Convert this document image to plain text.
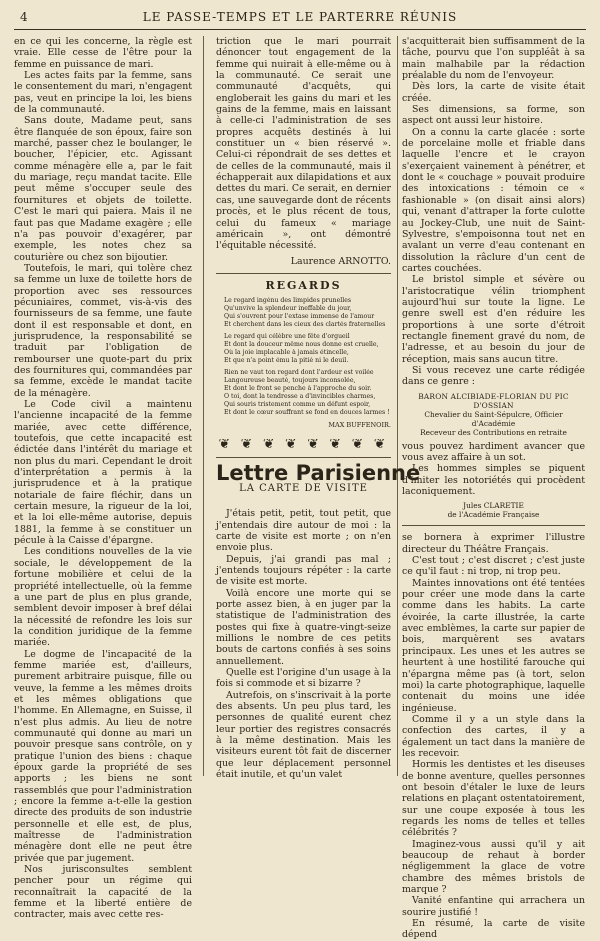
4	LE PASSE-TEMPS ET LE PARTERRE RÉUNIS

en ce qui les concerne, la règle est vraie. Elle cesse de l'être pour la femme en puissance de mari.

Les actes faits par la femme, sans le consentement du mari, n'engagent pas, veut en principe la loi, les biens de la communauté.

Sans doute, Madame peut, sans être flanquée de son époux, faire son marché, passer chez le boulanger, le boucher, l'épicier, etc. Agissant comme ménagère elle a, par le fait du mariage, reçu mandat tacite. Elle peut même s'occuper seule des fournitures et objets de toilette. C'est le mari qui paiera. Mais il ne faut pas que Madame exagère ; elle n'a pas pouvoir d'exagérer, par exemple, les notes chez sa couturière ou chez son bijoutier.

Toutefois, le mari, qui tolère chez sa femme un luxe de toilette hors de proportion avec ses ressources pécuniaires, commet, vis-à-vis des fournisseurs de sa femme, une faute dont il est responsable et dont, en jurisprudence, la responsabilité se traduit par l'obligation de rembourser une quote-part du prix des fournitures qui, commandées par sa femme, excède le mandat tacite de la ménagère.

Le Code civil a maintenu l'ancienne incapacité de la femme mariée, avec cette différence, toutefois, que cette incapacité est édictée dans l'intérêt du mariage et non plus du mari. Cependant le droit d'interprétation a permis à la jurisprudence et à la pratique notariale de faire fléchir, dans un certain mesure, la rigueur de la loi, et la loi elle-même autorise, depuis 1881, la femme à se constituer un pécule à la Caisse d'épargne.

Les conditions nouvelles de la vie sociale, le développement de la fortune mobilière et celui de la propriété intellectuelle, où la femme a une part de plus en plus grande, semblent devoir imposer à bref délai la nécessité de refondre les lois sur la condition juridique de la femme mariée.

Le dogme de l'incapacité de la femme mariée est, d'ailleurs, purement arbitraire puisque, fille ou veuve, la femme a les mêmes droits et les mêmes obligations que l'homme. En Allemagne, en Suisse, il n'est plus admis. Au lieu de notre communauté qui donne au mari un pouvoir presque sans contrôle, on y pratique l'union des biens : chaque époux garde la propriété de ses apports ; les biens ne sont rassemblés que pour l'administration ; encore la femme a-t-elle la gestion directe des produits de son industrie personnelle et elle est, de plus, maîtresse de l'administration ménagère dont elle ne peut être privée que par jugement.

Nos jurisconsultes semblent pencher pour un régime qui reconnaîtrait la capacité de la femme et la liberté entière de contracter, mais avec cette res-

triction que le mari pourrait dénoncer tout engagement de la femme qui nuirait à elle-même ou à la communauté. Ce serait une communauté d'acquêts, qui engloberait les gains du mari et les gains de la femme, mais en laissant à celle-ci l'administration de ses propres acquêts destinés à lui constituer un « bien réservé ». Celui-ci répondrait de ses dettes et de celles de la communauté, mais il échapperait aux dilapidations et aux dettes du mari. Ce serait, en dernier cas, une sauvegarde dont de récents procès, et le plus récent de tous, celui du fameux « mariage américain », ont démontré l'équitable nécessité.

Laurence ARNOTTO.
REGARDS
Le regard ingénu des limpides prunelles
Qu'unvive la splendeur ineffable du jour,
Qui s'ouvrent pour l'extase immense de l'amour
Et cherchent dans les cieux des clartés fraternelles
Le regard qui célèbre une fête d'orgueil
Et dont la douceur même nous donne est cruelle,
Où la joie implacable à jamais étincelle,
Et que n'a point ému la pitié ni le deuil.
Rien ne vaut ton regard dont l'ardeur est voilée
Langoureuse beauté, toujours inconsolée,
Et dont le front se penche à l'approche du soir.
O toi, dont la tendresse a d'invincibles charmes,
Qui souris tristement comme un défunt espoir,
Et dont le cœur souffrant se fond en douces larmes !
MAX BUFFENOIR.
❦ ❦ ❦ ❦ ❦ ❦ ❦ ❦
Lettre Parisienne
LA CARTE DE VISITE

J'étais petit, petit, tout petit, que j'entendais dire autour de moi : la carte de visite est morte ; on n'en envoie plus.

Depuis, j'ai grandi pas mal ; j'entends toujours répéter : la carte de visite est morte.

Voilà encore une morte qui se porte assez bien, à en juger par la statistique de l'administration des postes qui fixe à quatre-vingt-seize millions le nombre de ces petits bouts de cartons confiés à ses soins annuellement.

Quelle est l'origine d'un usage à la fois si commode et si bizarre ?

Autrefois, on s'inscrivait à la porte des absents. Un peu plus tard, les personnes de qualité eurent chez leur portier des registres consacrés à la même destination. Mais les visiteurs eurent tôt fait de discerner que leur déplacement personnel était inutile, et qu'un valet

s'acquitterait bien suffisamment de la tâche, pourvu que l'on suppléât à sa main malhabile par la rédaction préalable du nom de l'envoyeur.

Dès lors, la carte de visite était créée.

Ses dimensions, sa forme, son aspect ont aussi leur histoire.

On a connu la carte glacée : sorte de porcelaine molle et friable dans laquelle l'encre et le crayon s'exerçaient vainement à pénétrer, et dont le « couchage » pouvait produire des intoxications : témoin ce « fashionable » (on disait ainsi alors) qui, venant d'attraper la forte culotte au Jockey-Club, une nuit de Saint-Sylvestre, s'empoisonna tout net en avalant un verre d'eau contenant en dissolution la râclure d'un cent de cartes couchées.

Le bristol simple et sévère ou l'aristocratique vélin triomphent aujourd'hui sur toute la ligne. Le genre swell est d'en réduire les proportions à une sorte d'étroit rectangle finement gravé du nom, de l'adresse, et au besoin du jour de réception, mais sans aucun titre.

Si vous recevez une carte rédigée dans ce genre :

BARON ALCIBIADE-FLORIAN DU PIC D'OSSIAN
Chevalier du Saint-Sépulcre, Officier d'Académie
Receveur des Contributions en retraite

vous pouvez hardiment avancer que vous avez affaire à un sot.

Les hommes simples se piquent d'imiter les notoriétés qui procèdent laconiquement.

Jules CLARETIE
de l'Académie Française

se bornera à exprimer l'illustre directeur du Théâtre Français.

C'est tout ; c'est discret ; c'est juste ce qu'il faut : ni trop, ni trop peu.

Maintes innovations ont été tentées pour créer une mode dans la carte comme dans les habits. La carte évoirée, la carte illustrée, la carte avec emblèmes, la carte sur papier de bois, marquèrent ses avatars principaux. Les unes et les autres se heurtent à une hostilité farouche qui n'épargna même pas (à tort, selon moi) la carte photographique, laquelle contenait du moins une idée ingénieuse.

Comme il y a un style dans la confection des cartes, il y a également un tact dans la manière de les recevoir.

Hormis les dentistes et les diseuses de bonne aventure, quelles personnes ont besoin d'étaler le luxe de leurs relations en plaçant ostentatoirement, sur une coupe exposée à tous les regards les noms de telles et telles célébrités ?

Imaginez-vous aussi qu'il y ait beaucoup de rehaut à border négligemment la glace de votre chambre des mêmes bristols de marque ?

Vanité enfantine qui arrachera un sourire justifié !

En résumé, la carte de visite dépend
